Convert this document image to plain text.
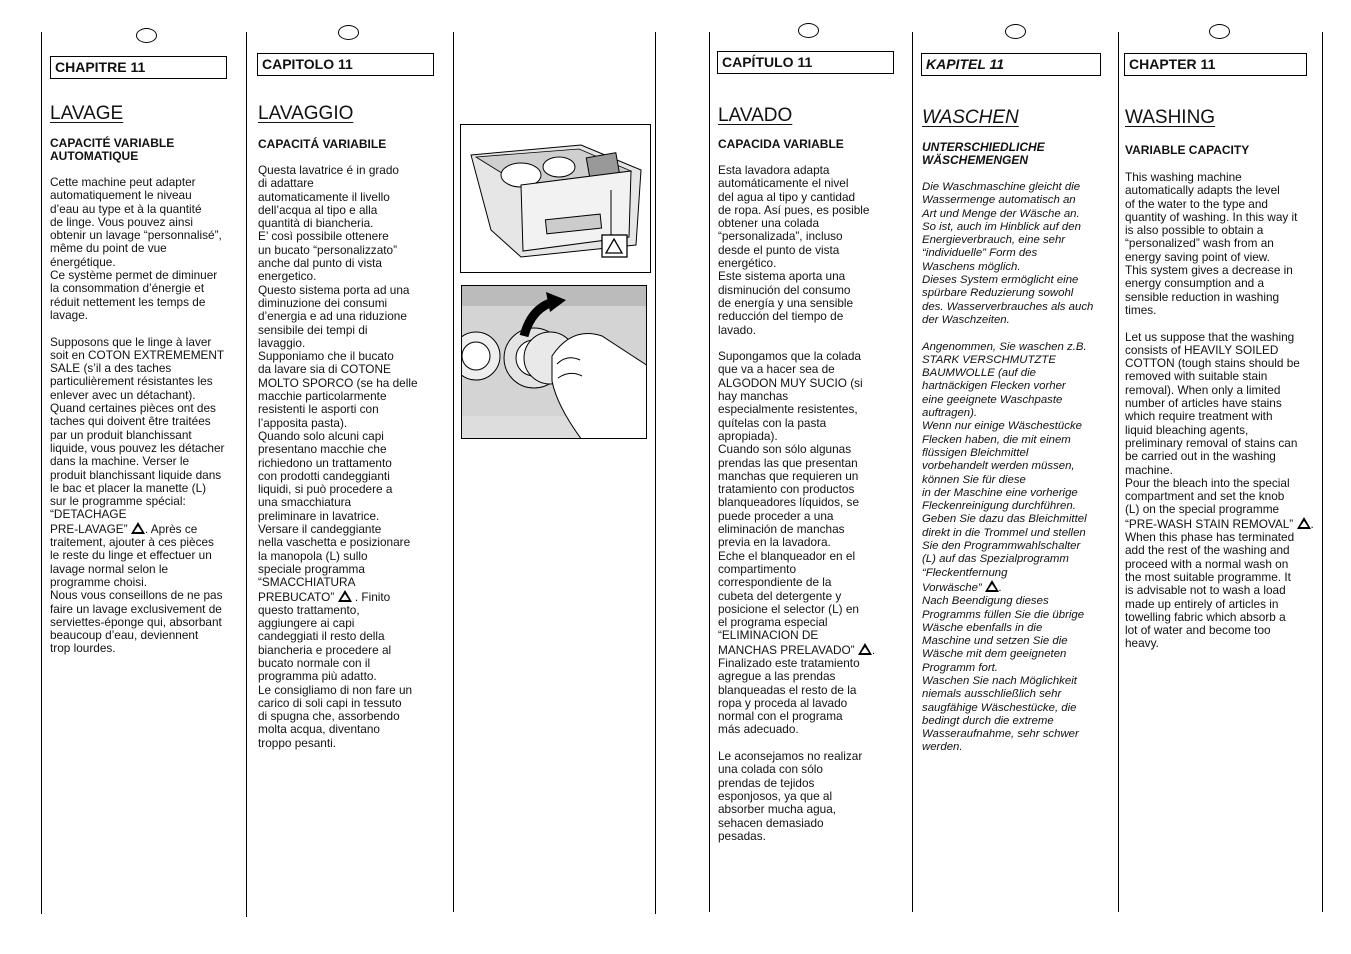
CHAPITRE 11
LAVAGE
CAPACITÉ VARIABLE
AUTOMATIQUE
Cette machine peut adapter
automatiquement le niveau
d’eau au type et à la quantité
de linge. Vous pouvez ainsi
obtenir un lavage “personnalisé”,
même du point de vue
énergétique.
Ce système permet de diminuer
la consommation d’énergie et
réduit nettement les temps de
lavage.

Supposons que le linge à laver
soit en COTON EXTREMEMENT
SALE (s’il a des taches
particulièrement résistantes les
enlever avec un détachant).
Quand certaines pièces ont des
taches qui doivent être traitées
par un produit blanchissant
liquide, vous pouvez les détacher
dans la machine. Verser le
produit blanchissant liquide dans
le bac et placer la manette (L)
sur le programme spécial:
“DETACHAGE
PRE-LAVAGE” . Après ce
traitement, ajouter à ces pièces
le reste du linge et effectuer un
lavage normal selon le
programme choisi.
Nous vous conseillons de ne pas
faire un lavage exclusivement de
serviettes-éponge qui, absorbant
beaucoup d’eau, deviennent
trop lourdes.
CAPITOLO 11
LAVAGGIO
CAPACITÁ VARIABILE
Questa lavatrice é in grado
di adattare
automaticamente il livello
dell’acqua al tipo e alla
quantità di biancheria.
E’ così possibile ottenere
un bucato “personalizzato”
anche dal punto di vista
energetico.
Questo sistema porta ad una
diminuzione dei consumi
d’energia e ad una riduzione
sensibile dei tempi di
lavaggio.
Supponiamo che il bucato
da lavare sia di COTONE
MOLTO SPORCO (se ha delle
macchie particolarmente
resistenti le asporti con
l’apposita pasta).
Quando solo alcuni capi
presentano macchie che
richiedono un trattamento
con prodotti candeggianti
liquidi, si può procedere a
una smacchiatura
preliminare in lavatrice.
Versare il candeggiante
nella vaschetta e posizionare
la manopola (L) sullo
speciale programma
“SMACCHIATURA
PREBUCATO” . Finito
questo trattamento,
aggiungere ai capi
candeggiati il resto della
biancheria e procedere al
bucato normale con il
programma più adatto.
Le consigliamo di non fare un
carico di soli capi in tessuto
di spugna che, assorbendo
molta acqua, diventano
troppo pesanti.
CAPÍTULO 11
LAVADO
CAPACIDA VARIABLE
Esta lavadora adapta
automáticamente el nivel
del agua al tipo y cantidad
de ropa. Así pues, es posible
obtener una colada
“personalizada”, incluso
desde el punto de vista
energético.
Este sistema aporta una
disminución del consumo
de energía y una sensible
reducción del tiempo de
lavado.

Supongamos que la colada
que va a hacer sea de
ALGODON MUY SUCIO (si
hay manchas
especialmente resistentes,
quítelas con la pasta
apropiada).
Cuando son sólo algunas
prendas las que presentan
manchas que requieren un
tratamiento con productos
blanqueadores líquidos, se
puede proceder a una
eliminación de manchas
previa en la lavadora.
Eche el blanqueador en el
compartimento
correspondiente de la
cubeta del detergente y
posicione el selector (L) en
el programa especial
“ELIMINACION DE
MANCHAS PRELAVADO” .
Finalizado este tratamiento
agregue a las prendas
blanqueadas el resto de la
ropa y proceda al lavado
normal con el programa
más adecuado.

Le aconsejamos no realizar
una colada con sólo
prendas de tejidos
esponjosos, ya que al
absorber mucha agua,
sehacen demasiado
pesadas.
KAPITEL 11
WASCHEN
UNTERSCHIEDLICHE
WÄSCHEMENGEN
Die Waschmaschine gleicht die
Wassermenge automatisch an
Art und Menge der Wäsche an.
So ist, auch im Hinblick auf den
Energieverbrauch, eine sehr
“individuelle” Form des
Waschens möglich.
Dieses System ermöglicht eine
spürbare Reduzierung sowohl
des. Wasserverbrauches als auch
der Waschzeiten.

Angenommen, Sie waschen z.B.
STARK VERSCHMUTZTE
BAUMWOLLE (auf die
hartnäckigen Flecken vorher
eine geeignete Waschpaste
auftragen).
Wenn nur einige Wäschestücke
Flecken haben, die mit einem
flüssigen Bleichmittel
vorbehandelt werden müssen,
können Sie für diese
in der Maschine eine vorherige
Fleckenreinigung durchführen.
Geben Sie dazu das Bleichmittel
direkt in die Trommel und stellen
Sie den Programmwahlschalter
(L) auf das Spezialprogramm
“Fleckentfernung
Vorwäsche” .
Nach Beendigung dieses
Programms füllen Sie die übrige
Wäsche ebenfalls in die
Maschine und setzen Sie die
Wäsche mit dem geeigneten
Programm fort.
Waschen Sie nach Möglichkeit
niemals ausschließlich sehr
saugfähige Wäschestücke, die
bedingt durch die extreme
Wasseraufnahme, sehr schwer
werden.
CHAPTER 11
WASHING
VARIABLE CAPACITY
This washing machine
automatically adapts the level
of the water to the type and
quantity of washing. In this way it
is also possible to obtain a
“personalized” wash from an
energy saving point of view.
This system gives a decrease in
energy consumption and a
sensible reduction in washing
times.

Let us suppose that the washing
consists of HEAVILY SOILED
COTTON (tough stains should be
removed with suitable stain
removal). When only a limited
number of articles have stains
which require treatment with
liquid bleaching agents,
preliminary removal of stains can
be carried out in the washing
machine.
Pour the bleach into the special
compartment and set the knob
(L) on the special programme
“PRE-WASH STAIN REMOVAL” .
When this phase has terminated
add the rest of the washing and
proceed with a normal wash on
the most suitable programme. It
is advisable not to wash a load
made up entirely of articles in
towelling fabric which absorb a
lot of water and become too
heavy.
